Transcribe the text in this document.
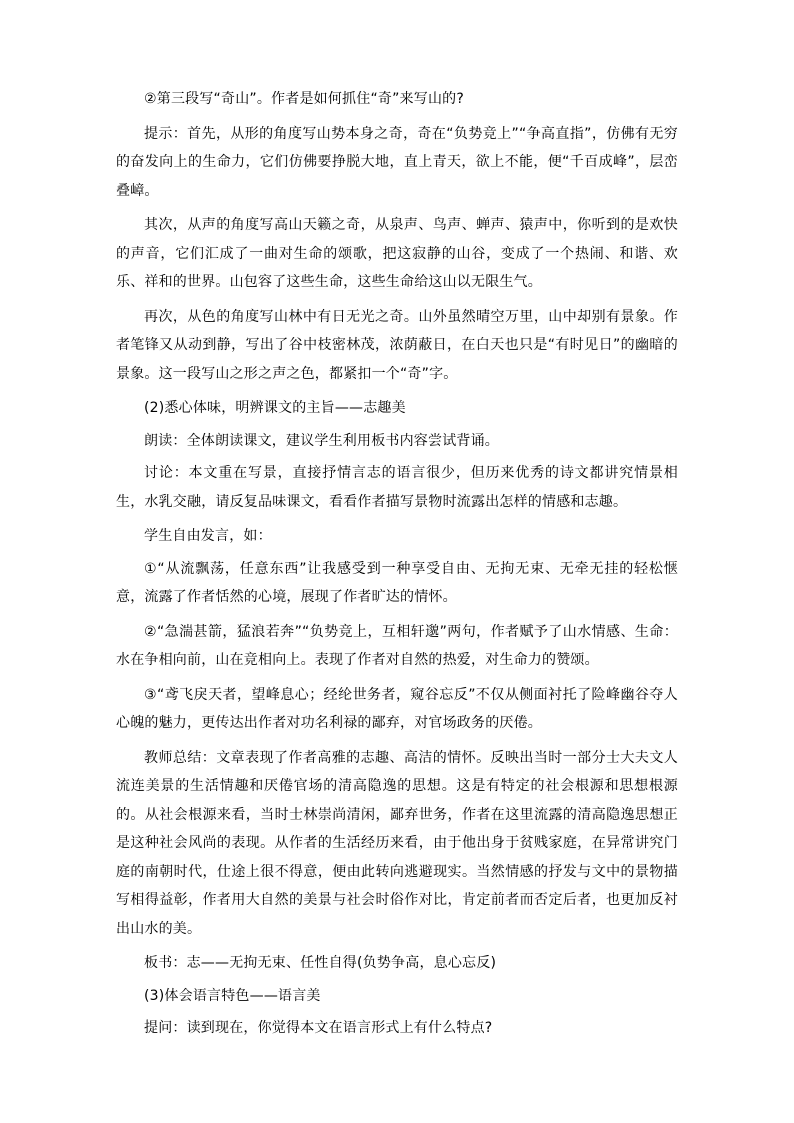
②第三段写“奇山”。作者是如何抓住“奇”来写山的?

提示：首先，从形的角度写山势本身之奇，奇在“负势竞上”“争高直指”，仿佛有无穷的奋发向上的生命力，它们仿佛要挣脱大地，直上青天，欲上不能，便“千百成峰”，层峦叠嶂。

其次，从声的角度写高山天籁之奇，从泉声、鸟声、蝉声、猿声中，你听到的是欢快的声音，它们汇成了一曲对生命的颂歌，把这寂静的山谷，变成了一个热闹、和谐、欢乐、祥和的世界。山包容了这些生命，这些生命给这山以无限生气。

再次，从色的角度写山林中有日无光之奇。山外虽然晴空万里，山中却别有景象。作者笔锋又从动到静，写出了谷中枝密林茂，浓荫蔽日，在白天也只是“有时见日”的幽暗的景象。这一段写山之形之声之色，都紧扣一个“奇”字。

(2)悉心体味，明辨课文的主旨——志趣美

朗读：全体朗读课文，建议学生利用板书内容尝试背诵。

讨论：本文重在写景，直接抒情言志的语言很少，但历来优秀的诗文都讲究情景相生，水乳交融，请反复品味课文，看看作者描写景物时流露出怎样的情感和志趣。

学生自由发言，如：

①“从流飘荡，任意东西”让我感受到一种享受自由、无拘无束、无牵无挂的轻松惬意，流露了作者恬然的心境，展现了作者旷达的情怀。

②“急湍甚箭，猛浪若奔”“负势竞上，互相轩邈”两句，作者赋予了山水情感、生命：水在争相向前，山在竞相向上。表现了作者对自然的热爱，对生命力的赞颂。

③“鸢飞戾天者，望峰息心；经纶世务者，窥谷忘反”不仅从侧面衬托了险峰幽谷夺人心魄的魅力，更传达出作者对功名利禄的鄙弃，对官场政务的厌倦。

教师总结：文章表现了作者高雅的志趣、高洁的情怀。反映出当时一部分士大夫文人流连美景的生活情趣和厌倦官场的清高隐逸的思想。这是有特定的社会根源和思想根源的。从社会根源来看，当时士林崇尚清闲，鄙弃世务，作者在这里流露的清高隐逸思想正是这种社会风尚的表现。从作者的生活经历来看，由于他出身于贫贱家庭，在异常讲究门庭的南朝时代，仕途上很不得意，便由此转向逃避现实。当然情感的抒发与文中的景物描写相得益彰，作者用大自然的美景与社会时俗作对比，肯定前者而否定后者，也更加反衬出山水的美。

板书：志——无拘无束、任性自得(负势争高，息心忘反)

(3)体会语言特色——语言美

提问：读到现在，你觉得本文在语言形式上有什么特点?
